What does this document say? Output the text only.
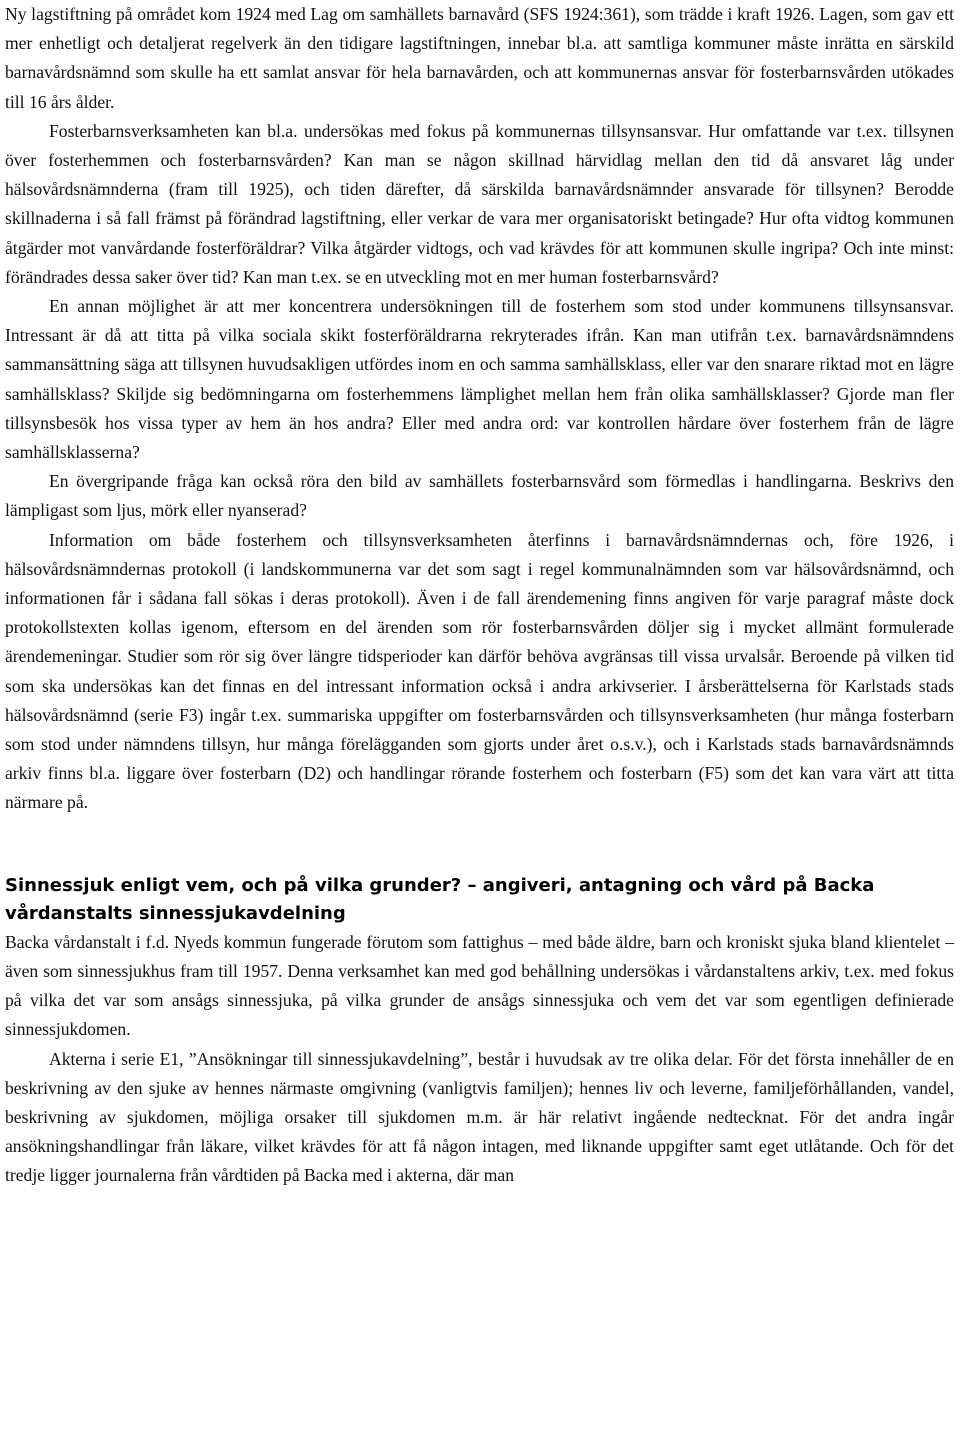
Ny lagstiftning på området kom 1924 med Lag om samhällets barnavård (SFS 1924:361), som trädde i kraft 1926. Lagen, som gav ett mer enhetligt och detaljerat regelverk än den tidigare lagstiftningen, innebar bl.a. att samtliga kommuner måste inrätta en särskild barnavårdsnämnd som skulle ha ett samlat ansvar för hela barnavården, och att kommunernas ansvar för fosterbarnsvården utökades till 16 års ålder.

Fosterbarnsverksamheten kan bl.a. undersökas med fokus på kommunernas tillsynsansvar. Hur omfattande var t.ex. tillsynen över fosterhemmen och fosterbarnsvården? Kan man se någon skillnad härvidlag mellan den tid då ansvaret låg under hälsovårdsnämnderna (fram till 1925), och tiden därefter, då särskilda barnavårdsnämnder ansvarade för tillsynen? Berodde skillnaderna i så fall främst på förändrad lagstiftning, eller verkar de vara mer organisatoriskt betingade? Hur ofta vidtog kommunen åtgärder mot vanvårdande fosterföräldrar? Vilka åtgärder vidtogs, och vad krävdes för att kommunen skulle ingripa? Och inte minst: förändrades dessa saker över tid? Kan man t.ex. se en utveckling mot en mer human fosterbarnsvård?

En annan möjlighet är att mer koncentrera undersökningen till de fosterhem som stod under kommunens tillsynsansvar. Intressant är då att titta på vilka sociala skikt fosterföräldrarna rekryterades ifrån. Kan man utifrån t.ex. barnavårdsnämndens sammansättning säga att tillsynen huvudsakligen utfördes inom en och samma samhällsklass, eller var den snarare riktad mot en lägre samhällsklass? Skiljde sig bedömningarna om fosterhemmens lämplighet mellan hem från olika samhällsklasser? Gjorde man fler tillsynsbesök hos vissa typer av hem än hos andra? Eller med andra ord: var kontrollen hårdare över fosterhem från de lägre samhällsklasserna?

En övergripande fråga kan också röra den bild av samhällets fosterbarnsvård som förmedlas i handlingarna. Beskrivs den lämpligast som ljus, mörk eller nyanserad?

Information om både fosterhem och tillsynsverksamheten återfinns i barnavårdsnämndernas och, före 1926, i hälsovårdsnämndernas protokoll (i landskommunerna var det som sagt i regel kommunalnämnden som var hälsovårdsnämnd, och informationen får i sådana fall sökas i deras protokoll). Även i de fall ärendemening finns angiven för varje paragraf måste dock protokollstexten kollas igenom, eftersom en del ärenden som rör fosterbarnsvården döljer sig i mycket allmänt formulerade ärendemeningar. Studier som rör sig över längre tidsperioder kan därför behöva avgränsas till vissa urvalsår. Beroende på vilken tid som ska undersökas kan det finnas en del intressant information också i andra arkivserier. I årsberättelserna för Karlstads stads hälsovårdsnämnd (serie F3) ingår t.ex. summariska uppgifter om fosterbarnsvården och tillsynsverksamheten (hur många fosterbarn som stod under nämndens tillsyn, hur många förelägganden som gjorts under året o.s.v.), och i Karlstads stads barnavårdsnämnds arkiv finns bl.a. liggare över fosterbarn (D2) och handlingar rörande fosterhem och fosterbarn (F5) som det kan vara värt att titta närmare på.

Sinnessjuk enligt vem, och på vilka grunder? – angiveri, antagning och vård på Backa vårdanstalts sinnessjukavdelning

Backa vårdanstalt i f.d. Nyeds kommun fungerade förutom som fattighus – med både äldre, barn och kroniskt sjuka bland klientelet – även som sinnessjukhus fram till 1957. Denna verksamhet kan med god behållning undersökas i vårdanstaltens arkiv, t.ex. med fokus på vilka det var som ansågs sinnessjuka, på vilka grunder de ansågs sinnessjuka och vem det var som egentligen definierade sinnessjukdomen.

Akterna i serie E1, ”Ansökningar till sinnessjukavdelning”, består i huvudsak av tre olika delar. För det första innehåller de en beskrivning av den sjuke av hennes närmaste omgivning (vanligtvis familjen); hennes liv och leverne, familjeförhållanden, vandel, beskrivning av sjukdomen, möjliga orsaker till sjukdomen m.m. är här relativt ingående nedtecknat. För det andra ingår ansökningshandlingar från läkare, vilket krävdes för att få någon intagen, med liknande uppgifter samt eget utlåtande. Och för det tredje ligger journalerna från vårdtiden på Backa med i akterna, där man
